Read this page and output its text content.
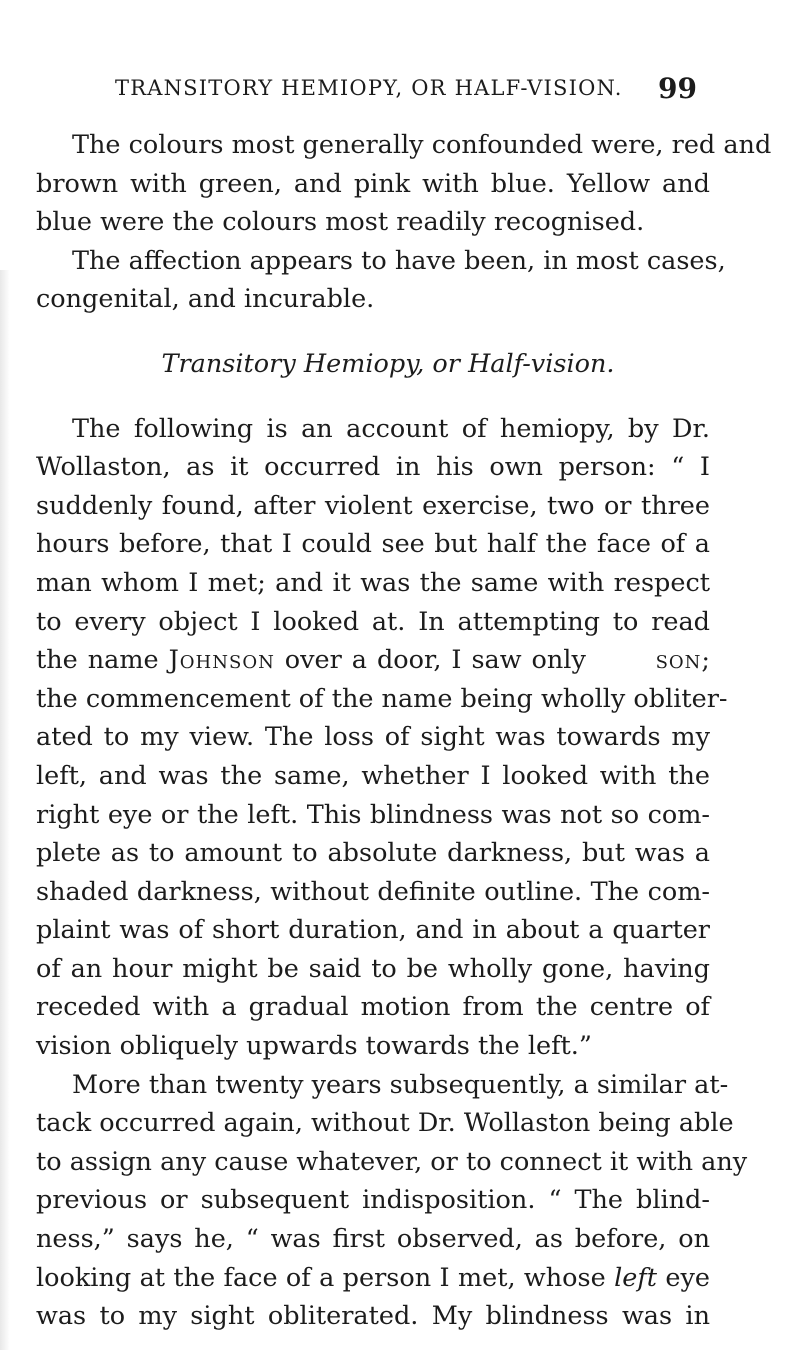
TRANSITORY HEMIOPY, OR HALF-VISION. 99
The colours most generally confounded were, red and
brown with green, and pink with blue. Yellow and
blue were the colours most readily recognised.
The affection appears to have been, in most cases,
congenital, and incurable.
Transitory Hemiopy, or Half-vision.
The following is an account of hemiopy, by Dr.
Wollaston, as it occurred in his own person: “ I
suddenly found, after violent exercise, two or three
hours before, that I could see but half the face of a
man whom I met; and it was the same with respect
to every object I looked at. In attempting to read
the name Johnson over a door, I saw only	son;
the commencement of the name being wholly obliter-
ated to my view. The loss of sight was towards my
left, and was the same, whether I looked with the
right eye or the left. This blindness was not so com-
plete as to amount to absolute darkness, but was a
shaded darkness, without definite outline. The com-
plaint was of short duration, and in about a quarter
of an hour might be said to be wholly gone, having
receded with a gradual motion from the centre of
vision obliquely upwards towards the left.”
More than twenty years subsequently, a similar at-
tack occurred again, without Dr. Wollaston being able
to assign any cause whatever, or to connect it with any
previous or subsequent indisposition. “ The blind-
ness,” says he, “ was first observed, as before, on
looking at the face of a person I met, whose left eye
was to my sight obliterated. My blindness was in
